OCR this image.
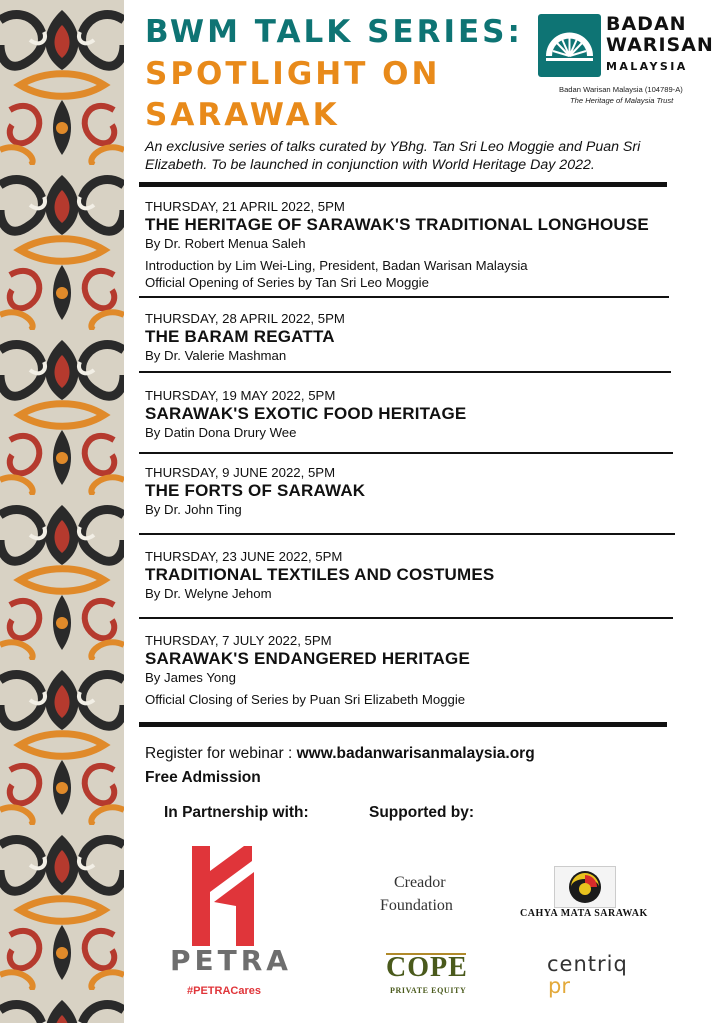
BWM TALK SERIES:
SPOTLIGHT ON
SARAWAK
BADAN
WARISAN
MALAYSIA
Badan Warisan Malaysia (104789-A)
The Heritage of Malaysia Trust
An exclusive series of talks curated by YBhg. Tan Sri Leo Moggie and Puan Sri Elizabeth. To be launched in conjunction with World Heritage Day 2022.
THURSDAY, 21 APRIL 2022, 5PM
THE HERITAGE OF SARAWAK'S TRADITIONAL LONGHOUSE
By Dr. Robert Menua Saleh
Introduction by Lim Wei-Ling, President, Badan Warisan Malaysia
Official Opening of Series by Tan Sri Leo Moggie
THURSDAY, 28 APRIL 2022, 5PM
THE BARAM REGATTA
By Dr. Valerie Mashman
THURSDAY, 19 MAY 2022, 5PM
SARAWAK'S EXOTIC FOOD HERITAGE
By Datin Dona Drury Wee
THURSDAY, 9 JUNE 2022, 5PM
THE FORTS OF SARAWAK
By Dr. John Ting
THURSDAY, 23 JUNE 2022, 5PM
TRADITIONAL TEXTILES AND COSTUMES
By Dr. Welyne Jehom
THURSDAY, 7 JULY 2022, 5PM
SARAWAK'S ENDANGERED HERITAGE
By James Yong
Official Closing of Series by Puan Sri Elizabeth Moggie
Register for webinar : www.badanwarisanmalaysia.org
Free Admission
In Partnership with:	Supported by:
PETRA
#PETRACares
Creador
Foundation	CAHYA MATA SARAWAK
COPE
PRIVATE EQUITY
centriq
pr
